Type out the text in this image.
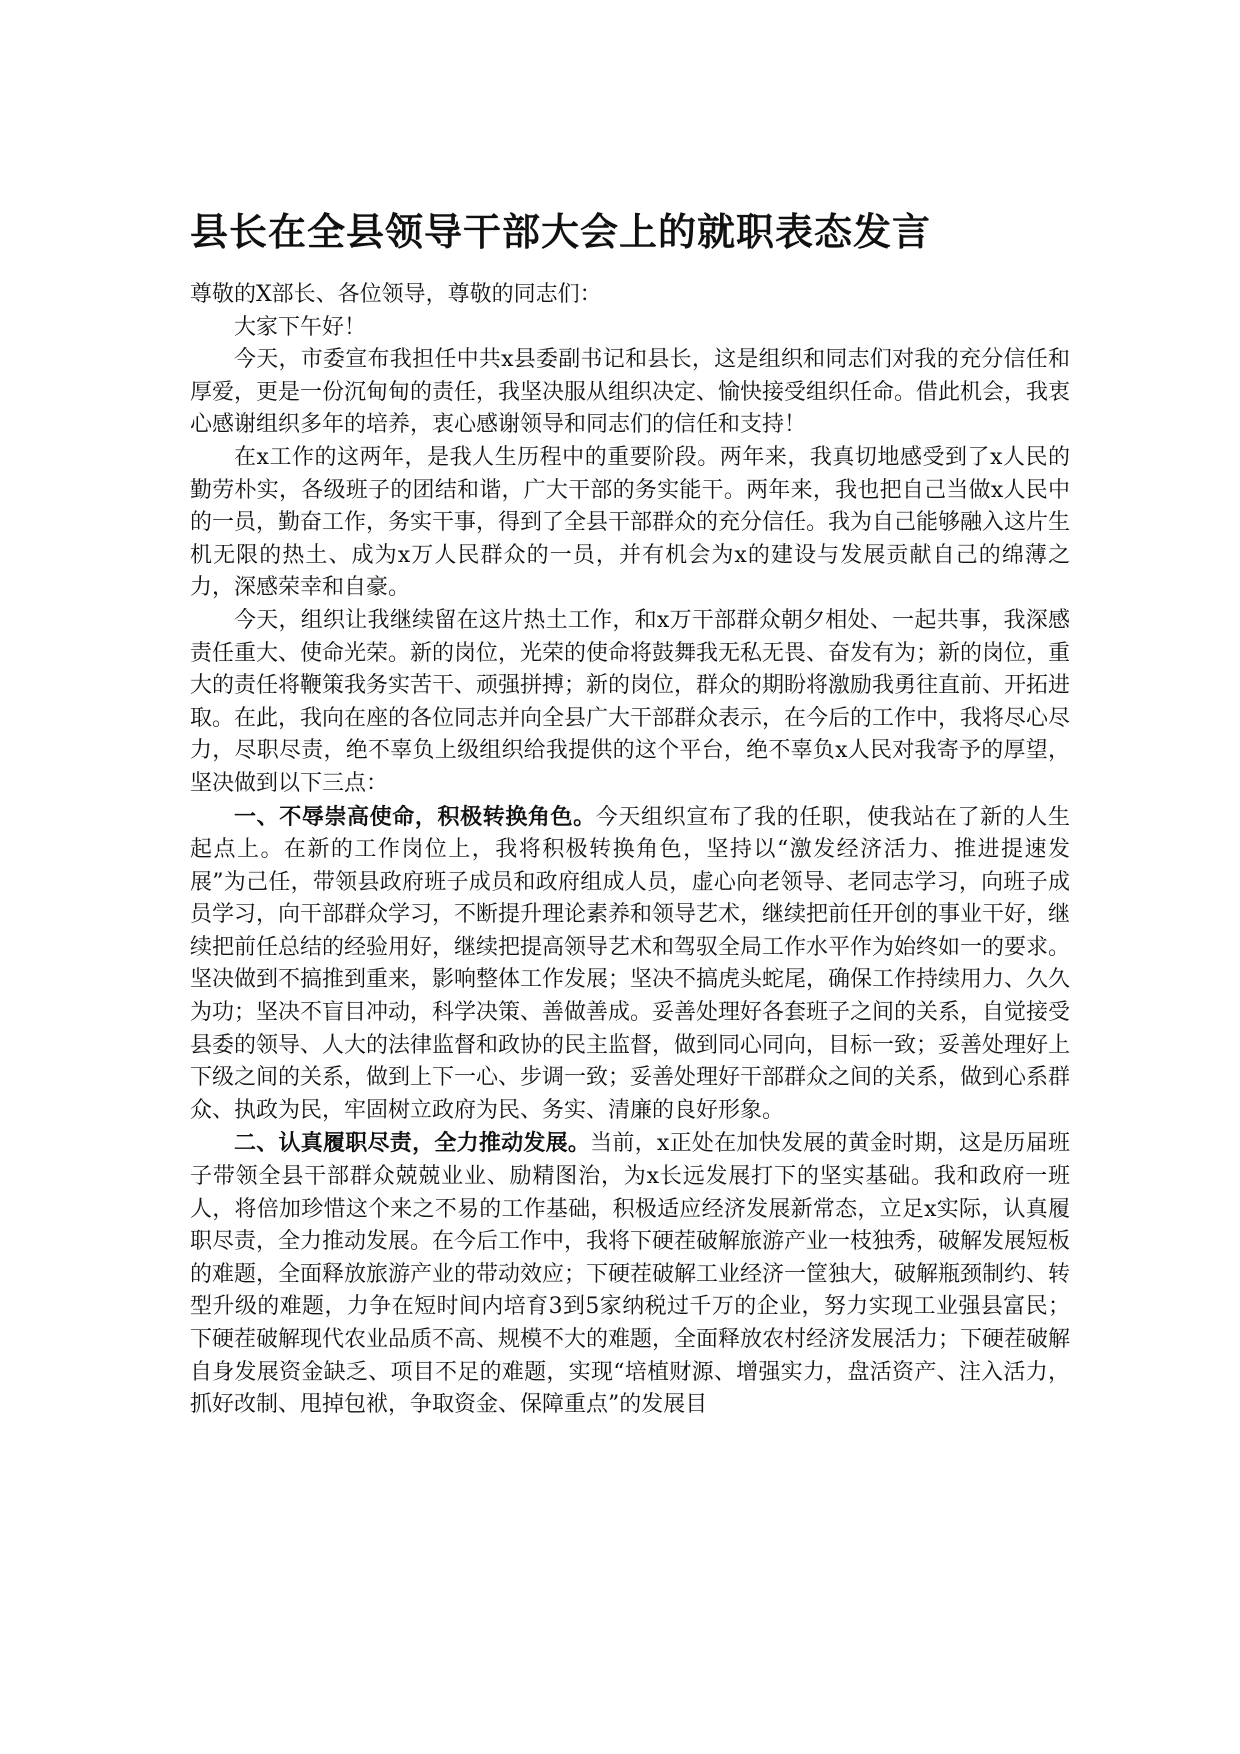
县长在全县领导干部大会上的就职表态发言

尊敬的X部长、各位领导，尊敬的同志们：

大家下午好！

今天，市委宣布我担任中共x县委副书记和县长，这是组织和同志们对我的充分信任和厚爱，更是一份沉甸甸的责任，我坚决服从组织决定、愉快接受组织任命。借此机会，我衷心感谢组织多年的培养，衷心感谢领导和同志们的信任和支持！

在x工作的这两年，是我人生历程中的重要阶段。两年来，我真切地感受到了x人民的勤劳朴实，各级班子的团结和谐，广大干部的务实能干。两年来，我也把自己当做x人民中的一员，勤奋工作，务实干事，得到了全县干部群众的充分信任。我为自己能够融入这片生机无限的热土、成为x万人民群众的一员，并有机会为x的建设与发展贡献自己的绵薄之力，深感荣幸和自豪。

今天，组织让我继续留在这片热土工作，和x万干部群众朝夕相处、一起共事，我深感责任重大、使命光荣。新的岗位，光荣的使命将鼓舞我无私无畏、奋发有为；新的岗位，重大的责任将鞭策我务实苦干、顽强拼搏；新的岗位，群众的期盼将激励我勇往直前、开拓进取。在此，我向在座的各位同志并向全县广大干部群众表示，在今后的工作中，我将尽心尽力，尽职尽责，绝不辜负上级组织给我提供的这个平台，绝不辜负x人民对我寄予的厚望，坚决做到以下三点：

一、不辱崇高使命，积极转换角色。今天组织宣布了我的任职，使我站在了新的人生起点上。在新的工作岗位上，我将积极转换角色，坚持以“激发经济活力、推进提速发展”为己任，带领县政府班子成员和政府组成人员，虚心向老领导、老同志学习，向班子成员学习，向干部群众学习，不断提升理论素养和领导艺术，继续把前任开创的事业干好，继续把前任总结的经验用好，继续把提高领导艺术和驾驭全局工作水平作为始终如一的要求。坚决做到不搞推到重来，影响整体工作发展；坚决不搞虎头蛇尾，确保工作持续用力、久久为功；坚决不盲目冲动，科学决策、善做善成。妥善处理好各套班子之间的关系，自觉接受县委的领导、人大的法律监督和政协的民主监督，做到同心同向，目标一致；妥善处理好上下级之间的关系，做到上下一心、步调一致；妥善处理好干部群众之间的关系，做到心系群众、执政为民，牢固树立政府为民、务实、清廉的良好形象。

二、认真履职尽责，全力推动发展。当前，x正处在加快发展的黄金时期，这是历届班子带领全县干部群众兢兢业业、励精图治，为x长远发展打下的坚实基础。我和政府一班人，将倍加珍惜这个来之不易的工作基础，积极适应经济发展新常态，立足x实际，认真履职尽责，全力推动发展。在今后工作中，我将下硬茬破解旅游产业一枝独秀，破解发展短板的难题，全面释放旅游产业的带动效应；下硬茬破解工业经济一筐独大，破解瓶颈制约、转型升级的难题，力争在短时间内培育3到5家纳税过千万的企业，努力实现工业强县富民；下硬茬破解现代农业品质不高、规模不大的难题，全面释放农村经济发展活力；下硬茬破解自身发展资金缺乏、项目不足的难题，实现“培植财源、增强实力，盘活资产、注入活力，抓好改制、甩掉包袱，争取资金、保障重点”的发展目
